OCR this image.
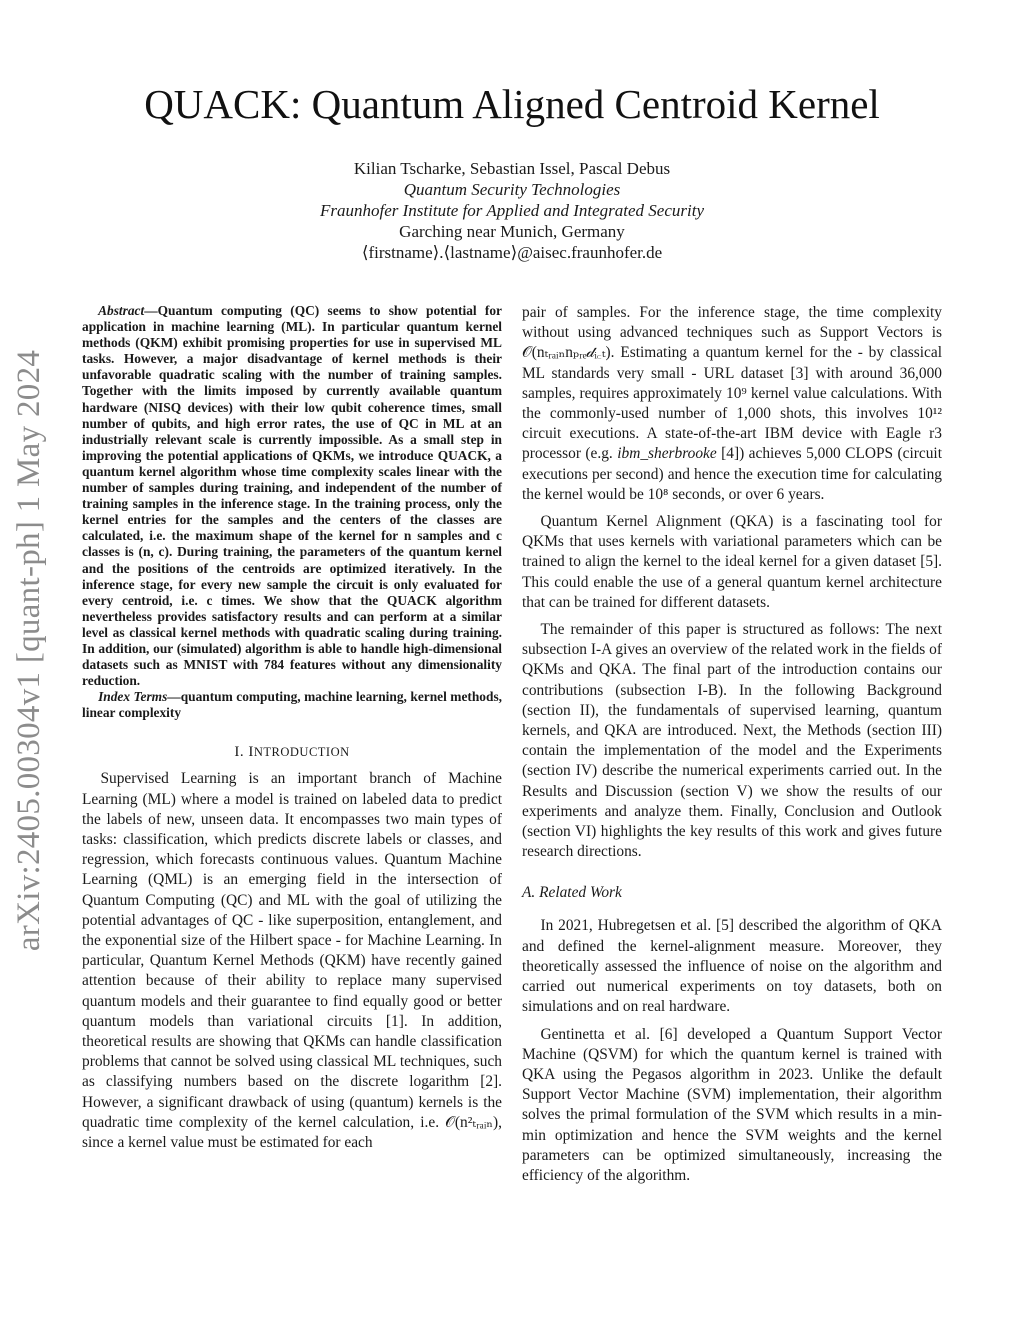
arXiv:2405.00304v1 [quant-ph] 1 May 2024
QUACK: Quantum Aligned Centroid Kernel
Kilian Tscharke, Sebastian Issel, Pascal Debus
Quantum Security Technologies
Fraunhofer Institute for Applied and Integrated Security
Garching near Munich, Germany
⟨firstname⟩.⟨lastname⟩@aisec.fraunhofer.de

Abstract—Quantum computing (QC) seems to show potential for application in machine learning (ML). In particular quantum kernel methods (QKM) exhibit promising properties for use in supervised ML tasks. However, a major disadvantage of kernel methods is their unfavorable quadratic scaling with the number of training samples. Together with the limits imposed by currently available quantum hardware (NISQ devices) with their low qubit coherence times, small number of qubits, and high error rates, the use of QC in ML at an industrially relevant scale is currently impossible. As a small step in improving the potential applications of QKMs, we introduce QUACK, a quantum kernel algorithm whose time complexity scales linear with the number of samples during training, and independent of the number of training samples in the inference stage. In the training process, only the kernel entries for the samples and the centers of the classes are calculated, i.e. the maximum shape of the kernel for n samples and c classes is (n, c). During training, the parameters of the quantum kernel and the positions of the centroids are optimized iteratively. In the inference stage, for every new sample the circuit is only evaluated for every centroid, i.e. c times. We show that the QUACK algorithm nevertheless provides satisfactory results and can perform at a similar level as classical kernel methods with quadratic scaling during training. In addition, our (simulated) algorithm is able to handle high-dimensional datasets such as MNIST with 784 features without any dimensionality reduction.

Index Terms—quantum computing, machine learning, kernel methods, linear complexity

I. INTRODUCTION

Supervised Learning is an important branch of Machine Learning (ML) where a model is trained on labeled data to predict the labels of new, unseen data. It encompasses two main types of tasks: classification, which predicts discrete labels or classes, and regression, which forecasts continuous values. Quantum Machine Learning (QML) is an emerging field in the intersection of Quantum Computing (QC) and ML with the goal of utilizing the potential advantages of QC - like superposition, entanglement, and the exponential size of the Hilbert space - for Machine Learning. In particular, Quantum Kernel Methods (QKM) have recently gained attention because of their ability to replace many supervised quantum models and their guarantee to find equally good or better quantum models than variational circuits [1]. In addition, theoretical results are showing that QKMs can handle classification problems that cannot be solved using classical ML techniques, such as classifying numbers based on the discrete logarithm [2]. However, a significant drawback of using (quantum) kernels is the quadratic time complexity of the kernel calculation, i.e. 𝒪(n²ₜᵣₐᵢₙ), since a kernel value must be estimated for each

pair of samples. For the inference stage, the time complexity without using advanced techniques such as Support Vectors is 𝒪(nₜᵣₐᵢₙnₚᵣₑ𝒹ᵢ꜀ₜ). Estimating a quantum kernel for the - by classical ML standards very small - URL dataset [3] with around 36,000 samples, requires approximately 10⁹ kernel value calculations. With the commonly-used number of 1,000 shots, this involves 10¹² circuit executions. A state-of-the-art IBM device with Eagle r3 processor (e.g. ibm_sherbrooke [4]) achieves 5,000 CLOPS (circuit executions per second) and hence the execution time for calculating the kernel would be 10⁸ seconds, or over 6 years.

Quantum Kernel Alignment (QKA) is a fascinating tool for QKMs that uses kernels with variational parameters which can be trained to align the kernel to the ideal kernel for a given dataset [5]. This could enable the use of a general quantum kernel architecture that can be trained for different datasets.

The remainder of this paper is structured as follows: The next subsection I-A gives an overview of the related work in the fields of QKMs and QKA. The final part of the introduction contains our contributions (subsection I-B). In the following Background (section II), the fundamentals of supervised learning, quantum kernels, and QKA are introduced. Next, the Methods (section III) contain the implementation of the model and the Experiments (section IV) describe the numerical experiments carried out. In the Results and Discussion (section V) we show the results of our experiments and analyze them. Finally, Conclusion and Outlook (section VI) highlights the key results of this work and gives future research directions.

A. Related Work

In 2021, Hubregetsen et al. [5] described the algorithm of QKA and defined the kernel-alignment measure. Moreover, they theoretically assessed the influence of noise on the algorithm and carried out numerical experiments on toy datasets, both on simulations and on real hardware.

Gentinetta et al. [6] developed a Quantum Support Vector Machine (QSVM) for which the quantum kernel is trained with QKA using the Pegasos algorithm in 2023. Unlike the default Support Vector Machine (SVM) implementation, their algorithm solves the primal formulation of the SVM which results in a min-min optimization and hence the SVM weights and the kernel parameters can be optimized simultaneously, increasing the efficiency of the algorithm.
